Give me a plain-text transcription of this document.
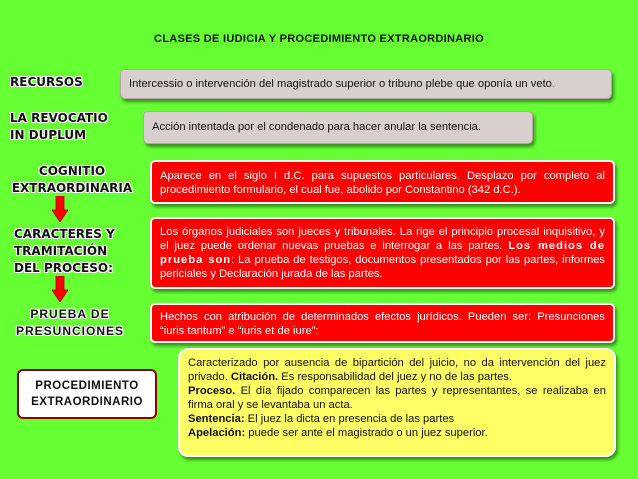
CLASES DE IUDICIA Y PROCEDIMIENTO EXTRAORDINARIO
RECURSOS	Intercessio o intervención del magistrado superior o tribuno plebe que oponía un veto.
LA REVOCATIO
IN DUPLUM
Acción intentada por el condenado para hacer anular la sentencia.
COGNITIO
EXTRAORDINARIA
Aparece en el siglo I d.C. para supuestos particulares. Desplazo por completo al procedimiento formulario, el cual fue, abolido por Constantino (342 d.C.).
CARACTERES Y
TRAMITACIÓN
DEL PROCESO:
Los órganos judiciales son jueces y tribunales. La rige el principio procesal inquisitivo, y el juez puede ordenar nuevas pruebas e interrogar a las partes. Los medios de prueba son: La prueba de testigos, documentos presentados por las partes, informes periciales y Declaración jurada de las partes.
PRUEBA DE
PRESUNCIONES
Hechos con atribución de determinados efectos jurídicos. Pueden ser: Presunciones “iuris tantum” e “iuris et de iure”:
PROCEDIMIENTO
EXTRAORDINARIO
Caracterizado por ausencia de bipartición del juicio, no da intervención del juez privado. Citación. Es responsabilidad del juez y no de las partes.
Proceso. El día fijado comparecen las partes y representantes, se realizaba en firma oral y se levantaba un acta.
Sentencia: El juez la dicta en presencia de las partes
Apelación: puede ser ante el magistrado o un juez superior.
